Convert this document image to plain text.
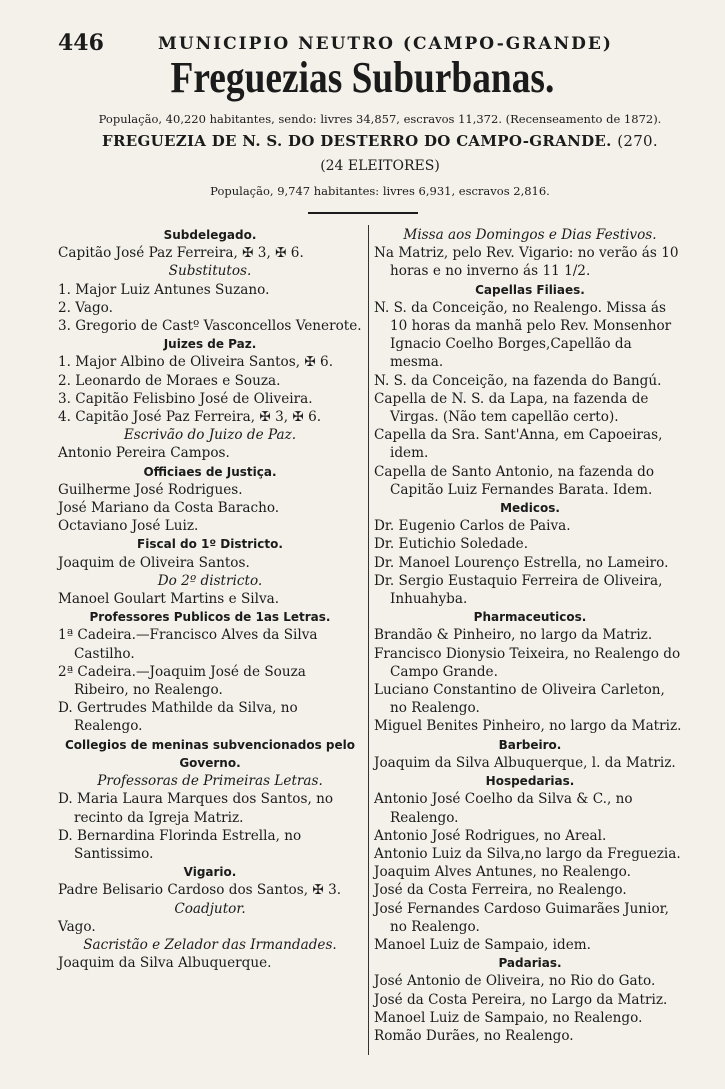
446	MUNICIPIO NEUTRO (CAMPO-GRANDE)
Freguezias Suburbanas.
População, 40,220 habitantes, sendo: livres 34,857, escravos 11,372. (Recenseamento de 1872).
FREGUEZIA DE N. S. DO DESTERRO DO CAMPO-GRANDE. (270.
(24 ELEITORES)
População, 9,747 habitantes: livres 6,931, escravos 2,816.
Subdelegado.
Capitão José Paz Ferreira, ✠ 3, ✠ 6.
Substitutos.
1. Major Luiz Antunes Suzano.
2. Vago.
3. Gregorio de Castº Vasconcellos Venerote.
Juizes de Paz.
1. Major Albino de Oliveira Santos, ✠ 6.
2. Leonardo de Moraes e Souza.
3. Capitão Felisbino José de Oliveira.
4. Capitão José Paz Ferreira, ✠ 3, ✠ 6.
Escrivão do Juizo de Paz.
Antonio Pereira Campos.
Officiaes de Justiça.
Guilherme José Rodrigues.
José Mariano da Costa Baracho.
Octaviano José Luiz.
Fiscal do 1º Districto.
Joaquim de Oliveira Santos.
Do 2º districto.
Manoel Goulart Martins e Silva.
Professores Publicos de 1as Letras.
1ª Cadeira.—Francisco Alves da Silva Castilho.
2ª Cadeira.—Joaquim José de Souza Ribeiro, no Realengo.
D. Gertrudes Mathilde da Silva, no Realengo.
Collegios de meninas subvencionados pelo Governo.
Professoras de Primeiras Letras.
D. Maria Laura Marques dos Santos, no recinto da Igreja Matriz.
D. Bernardina Florinda Estrella, no Santissimo.
Vigario.
Padre Belisario Cardoso dos Santos, ✠ 3.
Coadjutor.
Vago.
Sacristão e Zelador das Irmandades.
Joaquim da Silva Albuquerque.
Missa aos Domingos e Dias Festivos.
Na Matriz, pelo Rev. Vigario: no verão ás 10 horas e no inverno ás 11 1/2.
Capellas Filiaes.
N. S. da Conceição, no Realengo. Missa ás 10 horas da manhã pelo Rev. Monsenhor Ignacio Coelho Borges,Capellão da mesma.
N. S. da Conceição, na fazenda do Bangú.
Capella de N. S. da Lapa, na fazenda de Virgas. (Não tem capellão certo).
Capella da Sra. Sant'Anna, em Capoeiras, idem.
Capella de Santo Antonio, na fazenda do Capitão Luiz Fernandes Barata. Idem.
Medicos.
Dr. Eugenio Carlos de Paiva.
Dr. Eutichio Soledade.
Dr. Manoel Lourenço Estrella, no Lameiro.
Dr. Sergio Eustaquio Ferreira de Oliveira, Inhuahyba.
Pharmaceuticos.
Brandão & Pinheiro, no largo da Matriz.
Francisco Dionysio Teixeira, no Realengo do Campo Grande.
Luciano Constantino de Oliveira Carleton, no Realengo.
Miguel Benites Pinheiro, no largo da Matriz.
Barbeiro.
Joaquim da Silva Albuquerque, l. da Matriz.
Hospedarias.
Antonio José Coelho da Silva & C., no Realengo.
Antonio José Rodrigues, no Areal.
Antonio Luiz da Silva,no largo da Freguezia.
Joaquim Alves Antunes, no Realengo.
José da Costa Ferreira, no Realengo.
José Fernandes Cardoso Guimarães Junior, no Realengo.
Manoel Luiz de Sampaio, idem.
Padarias.
José Antonio de Oliveira, no Rio do Gato.
José da Costa Pereira, no Largo da Matriz.
Manoel Luiz de Sampaio, no Realengo.
Romão Durães, no Realengo.
